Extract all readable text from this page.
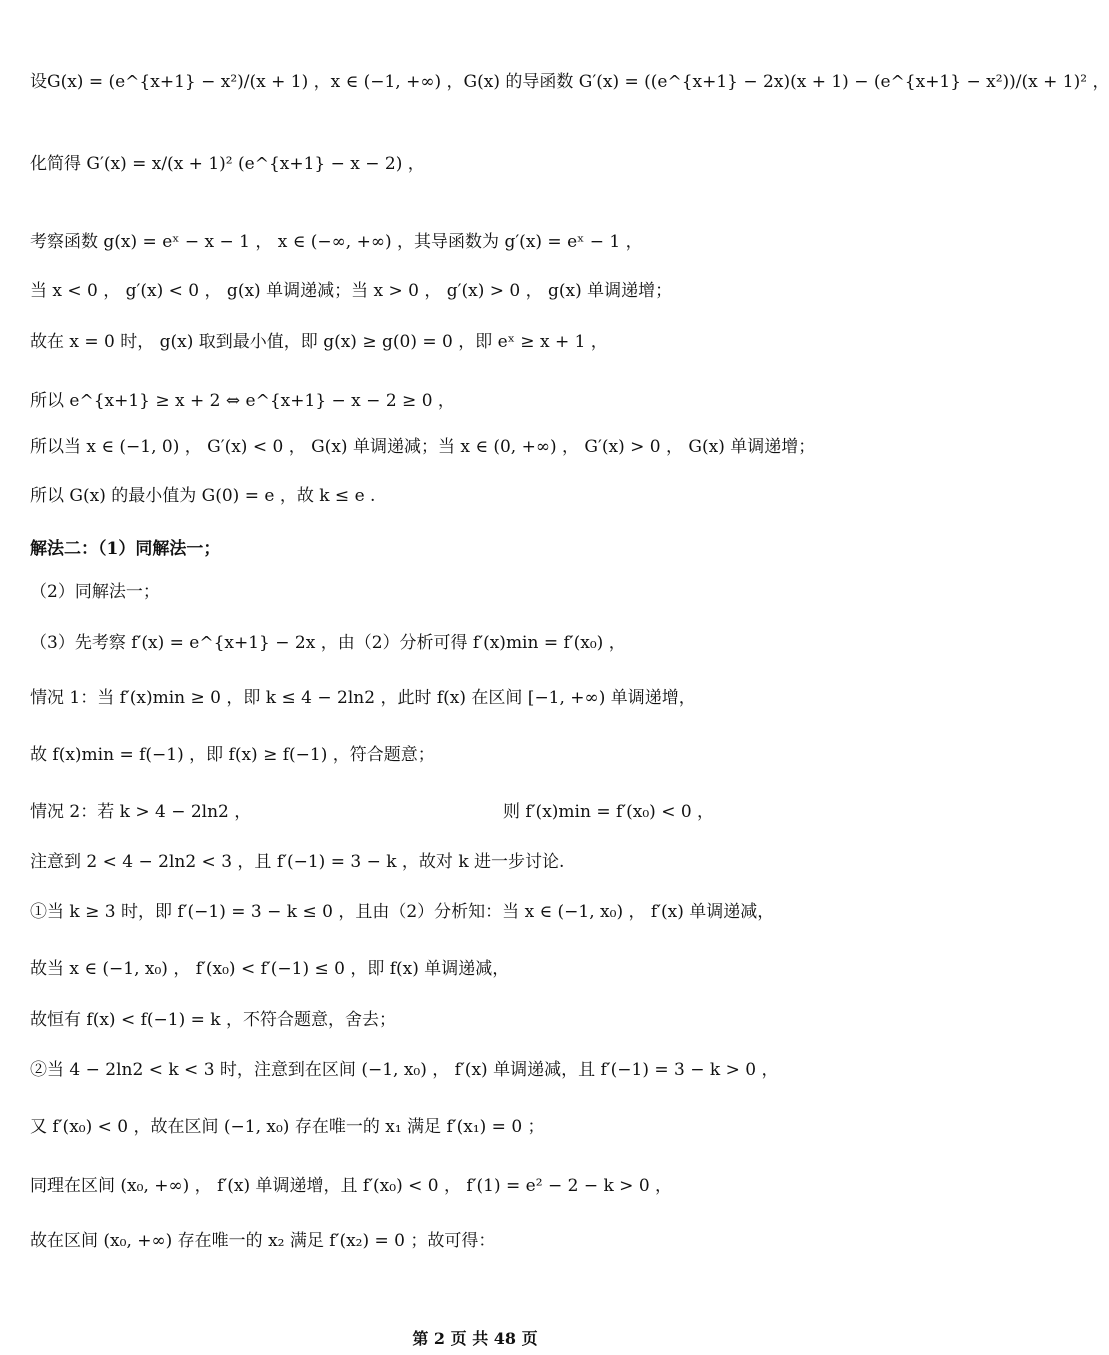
设G(x) = (e^{x+1} − x²)/(x + 1) ，x ∈ (−1, +∞) ，G(x) 的导函数 G′(x) = ((e^{x+1} − 2x)(x + 1) − (e^{x+1} − x²))/(x + 1)² ，
化简得 G′(x) = x/(x + 1)² (e^{x+1} − x − 2) ，
考察函数 g(x) = eˣ − x − 1 ， x ∈ (−∞, +∞) ，其导函数为 g′(x) = eˣ − 1 ，
当 x < 0 ， g′(x) < 0 ， g(x) 单调递减；当 x > 0 ， g′(x) > 0 ， g(x) 单调递增；
故在 x = 0 时， g(x) 取到最小值，即 g(x) ≥ g(0) = 0 ，即 eˣ ≥ x + 1 ，
所以 e^{x+1} ≥ x + 2 ⇔ e^{x+1} − x − 2 ≥ 0 ，
所以当 x ∈ (−1, 0) ， G′(x) < 0 ， G(x) 单调递减；当 x ∈ (0, +∞) ， G′(x) > 0 ， G(x) 单调递增；
所以 G(x) 的最小值为 G(0) = e ，故 k ≤ e .
解法二：（1）同解法一；
（2）同解法一；
（3）先考察 f′(x) = e^{x+1} − 2x ，由（2）分析可得 f′(x)min = f′(x₀) ，
情况 1：当 f′(x)min ≥ 0 ，即 k ≤ 4 − 2ln2 ，此时 f(x) 在区间 [−1, +∞) 单调递增，
故 f(x)min = f(−1) ，即 f(x) ≥ f(−1) ，符合题意；
情况 2：若 k > 4 − 2ln2 ，	则 f′(x)min = f′(x₀) < 0 ，
注意到 2 < 4 − 2ln2 < 3 ，且 f′(−1) = 3 − k ，故对 k 进一步讨论.
①当 k ≥ 3 时，即 f′(−1) = 3 − k ≤ 0 ，且由（2）分析知：当 x ∈ (−1, x₀) ， f′(x) 单调递减，
故当 x ∈ (−1, x₀) ， f′(x₀) < f′(−1) ≤ 0 ，即 f(x) 单调递减，
故恒有 f(x) < f(−1) = k ，不符合题意，舍去；
②当 4 − 2ln2 < k < 3 时，注意到在区间 (−1, x₀) ， f′(x) 单调递减，且 f′(−1) = 3 − k > 0 ，
又 f′(x₀) < 0 ，故在区间 (−1, x₀) 存在唯一的 x₁ 满足 f′(x₁) = 0 ；
同理在区间 (x₀, +∞) ， f′(x) 单调递增，且 f′(x₀) < 0 ， f′(1) = e² − 2 − k > 0 ，
故在区间 (x₀, +∞) 存在唯一的 x₂ 满足 f′(x₂) = 0 ；故可得：
第 2 页 共 48 页
